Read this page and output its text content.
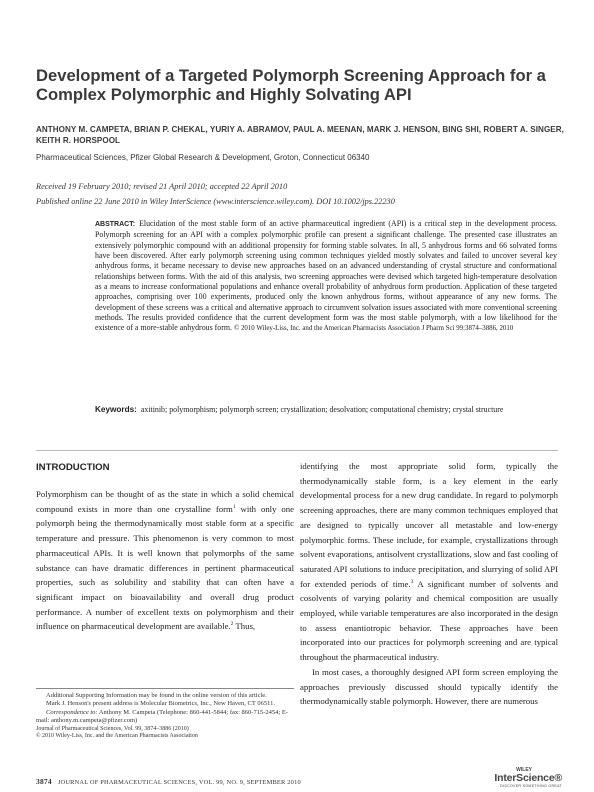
Development of a Targeted Polymorph Screening Approach for a Complex Polymorphic and Highly Solvating API
ANTHONY M. CAMPETA, BRIAN P. CHEKAL, YURIY A. ABRAMOV, PAUL A. MEENAN, MARK J. HENSON, BING SHI, ROBERT A. SINGER, KEITH R. HORSPOOL
Pharmaceutical Sciences, Pfizer Global Research & Development, Groton, Connecticut 06340
Received 19 February 2010; revised 21 April 2010; accepted 22 April 2010
Published online 22 June 2010 in Wiley InterScience (www.interscience.wiley.com). DOI 10.1002/jps.22230
ABSTRACT: Elucidation of the most stable form of an active pharmaceutical ingredient (API) is a critical step in the development process. Polymorph screening for an API with a complex polymorphic profile can present a significant challenge. The presented case illustrates an extensively polymorphic compound with an additional propensity for forming stable solvates. In all, 5 anhydrous forms and 66 solvated forms have been discovered. After early polymorph screening using common techniques yielded mostly solvates and failed to uncover several key anhydrous forms, it became necessary to devise new approaches based on an advanced understanding of crystal structure and conformational relationships between forms. With the aid of this analysis, two screening approaches were devised which targeted high-temperature desolvation as a means to increase conformational populations and enhance overall probability of anhydrous form production. Application of these targeted approaches, comprising over 100 experiments, produced only the known anhydrous forms, without appearance of any new forms. The development of these screens was a critical and alternative approach to circumvent solvation issues associated with more conventional screening methods. The results provided confidence that the current development form was the most stable polymorph, with a low likelihood for the existence of a more-stable anhydrous form. © 2010 Wiley-Liss, Inc. and the American Pharmacists Association J Pharm Sci 99:3874–3886, 2010
Keywords: axitinib; polymorphism; polymorph screen; crystallization; desolvation; computational chemistry; crystal structure
INTRODUCTION

Polymorphism can be thought of as the state in which a solid chemical compound exists in more than one crystalline form$^1$ with only one polymorph being the thermodynamically most stable form at a specific temperature and pressure. This phenomenon is very common to most pharmaceutical APIs. It is well known that polymorphs of the same substance can have dramatic differences in pertinent pharmaceutical properties, such as solubility and stability that can often have a significant impact on bioavailability and overall drug product performance. A number of excellent texts on polymorphism and their influence on pharmaceutical development are available.$^2$ Thus,

identifying the most appropriate solid form, typically the thermodynamically stable form, is a key element in the early developmental process for a new drug candidate. In regard to polymorph screening approaches, there are many common techniques employed that are designed to typically uncover all metastable and low-energy polymorphic forms. These include, for example, crystallizations through solvent evaporations, antisolvent crystallizations, slow and fast cooling of saturated API solutions to induce precipitation, and slurrying of solid API for extended periods of time.$^3$ A significant number of solvents and cosolvents of varying polarity and chemical composition are usually employed, while variable temperatures are also incorporated in the design to assess enantiotropic behavior. These approaches have been incorporated into our practices for polymorph screening and are typical throughout the pharmaceutical industry.

In most cases, a thoroughly designed API form screen employing the approaches previously discussed should typically identify the thermodynamically stable polymorph. However, there are numerous

Additional Supporting Information may be found in the online version of this article.
Mark J. Henson's present address is Molecular Biometrics, Inc., New Haven, CT 06511.
Correspondence to: Anthony M. Campeta (Telephone: 860-441-5844; fax: 860-715-2454; E-mail: anthony.m.campeta@pfizer.com)
Journal of Pharmaceutical Sciences, Vol. 99, 3874–3886 (2010)
© 2010 Wiley-Liss, Inc. and the American Pharmacists Association
3874 JOURNAL OF PHARMACEUTICAL SCIENCES, VOL. 99, NO. 9, SEPTEMBER 2010
WILEY
InterScience®
DISCOVER SOMETHING GREAT
